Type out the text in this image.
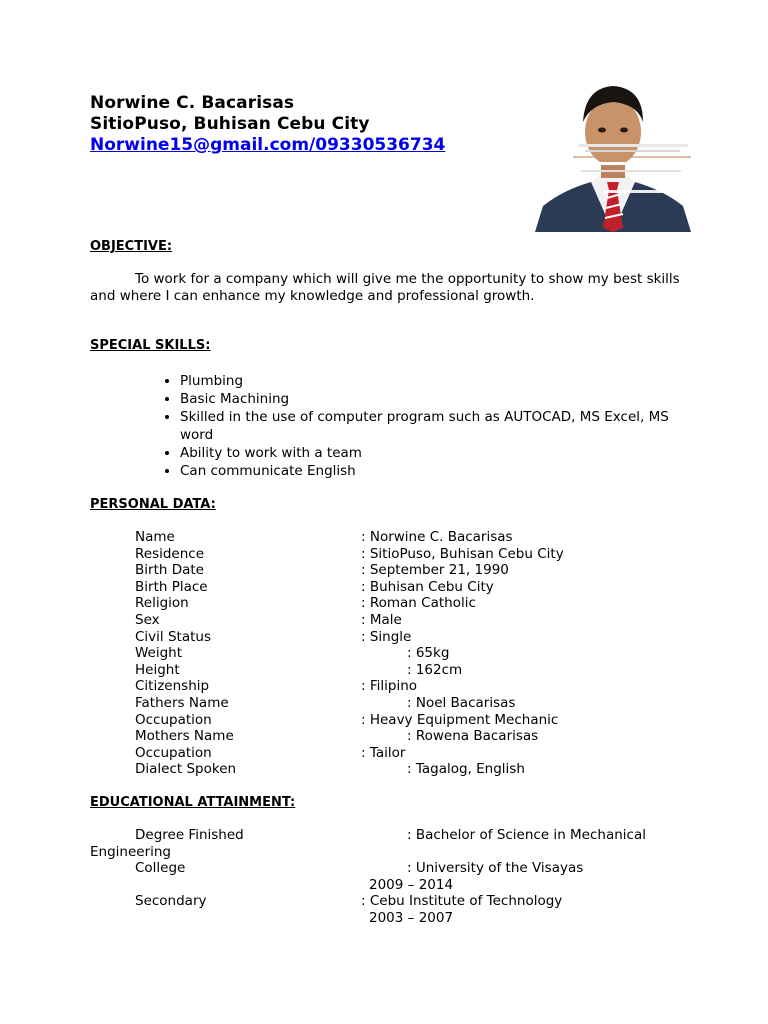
Norwine C. Bacarisas
SitioPuso, Buhisan Cebu City
Norwine15@gmail.com/09330536734
OBJECTIVE:
To work for a company which will give me the opportunity to show my best skills and where I can enhance my knowledge and professional growth.
SPECIAL SKILLS:
• Plumbing
• Basic Machining
• Skilled in the use of computer program such as AUTOCAD, MS Excel, MS word
• Ability to work with a team
• Can communicate English
PERSONAL DATA:
Name	: Norwine C. Bacarisas
Residence	: SitioPuso, Buhisan Cebu City
Birth Date	: September 21, 1990
Birth Place	: Buhisan Cebu City
Religion	: Roman Catholic
Sex	: Male
Civil Status	: Single
Weight	: 65kg
Height	: 162cm
Citizenship	: Filipino
Fathers Name	: Noel Bacarisas
Occupation	: Heavy Equipment Mechanic
Mothers Name	: Rowena Bacarisas
Occupation	: Tailor
Dialect Spoken	: Tagalog, English
EDUCATIONAL ATTAINMENT:
Degree Finished	: Bachelor of Science in Mechanical
Engineering
College	: University of the Visayas
2009 – 2014
Secondary	: Cebu Institute of Technology
2003 – 2007
